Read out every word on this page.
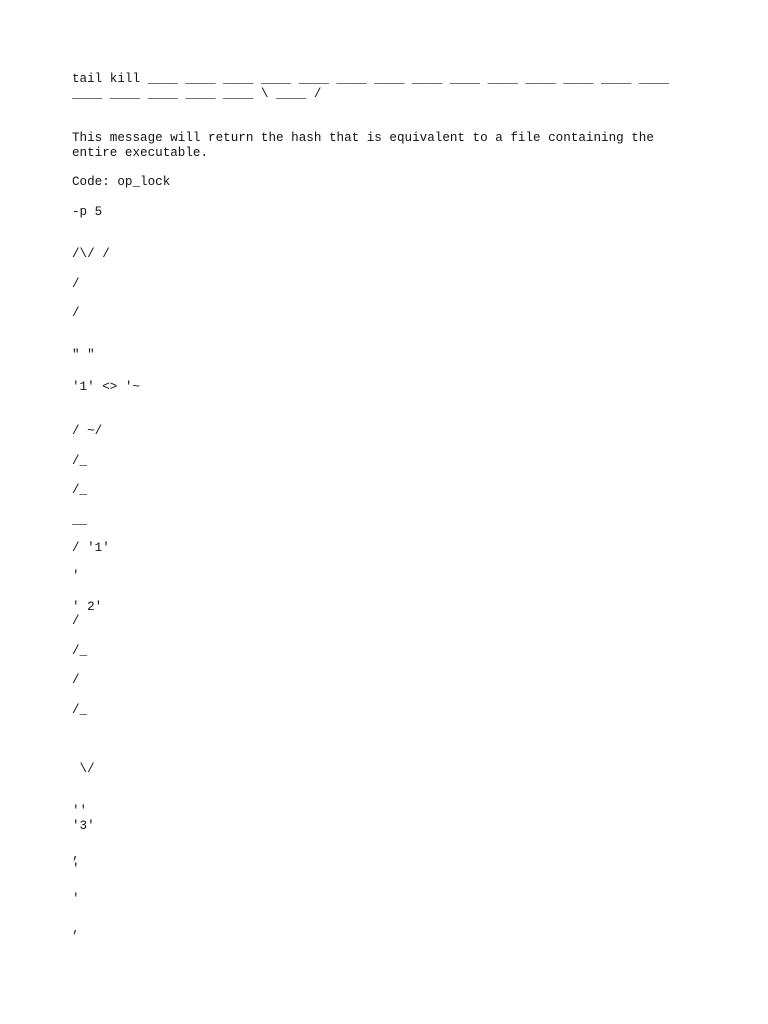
tail kill ____ ____ ____ ____ ____ ____ ____ ____ ____ ____ ____ ____ ____ ____ ____ ____ ____ ____ ____ \ ____ /
This message will return the hash that is equivalent to a file containing the entire executable.
Code: op_lock
-p 5
/\/ /
/
/
" "
'1' <> '~
/ ~/
/_
/_
__
/ '1'
'
' 2'
/
/_
/
/_
\/
''
'3'
,
'
'
,
